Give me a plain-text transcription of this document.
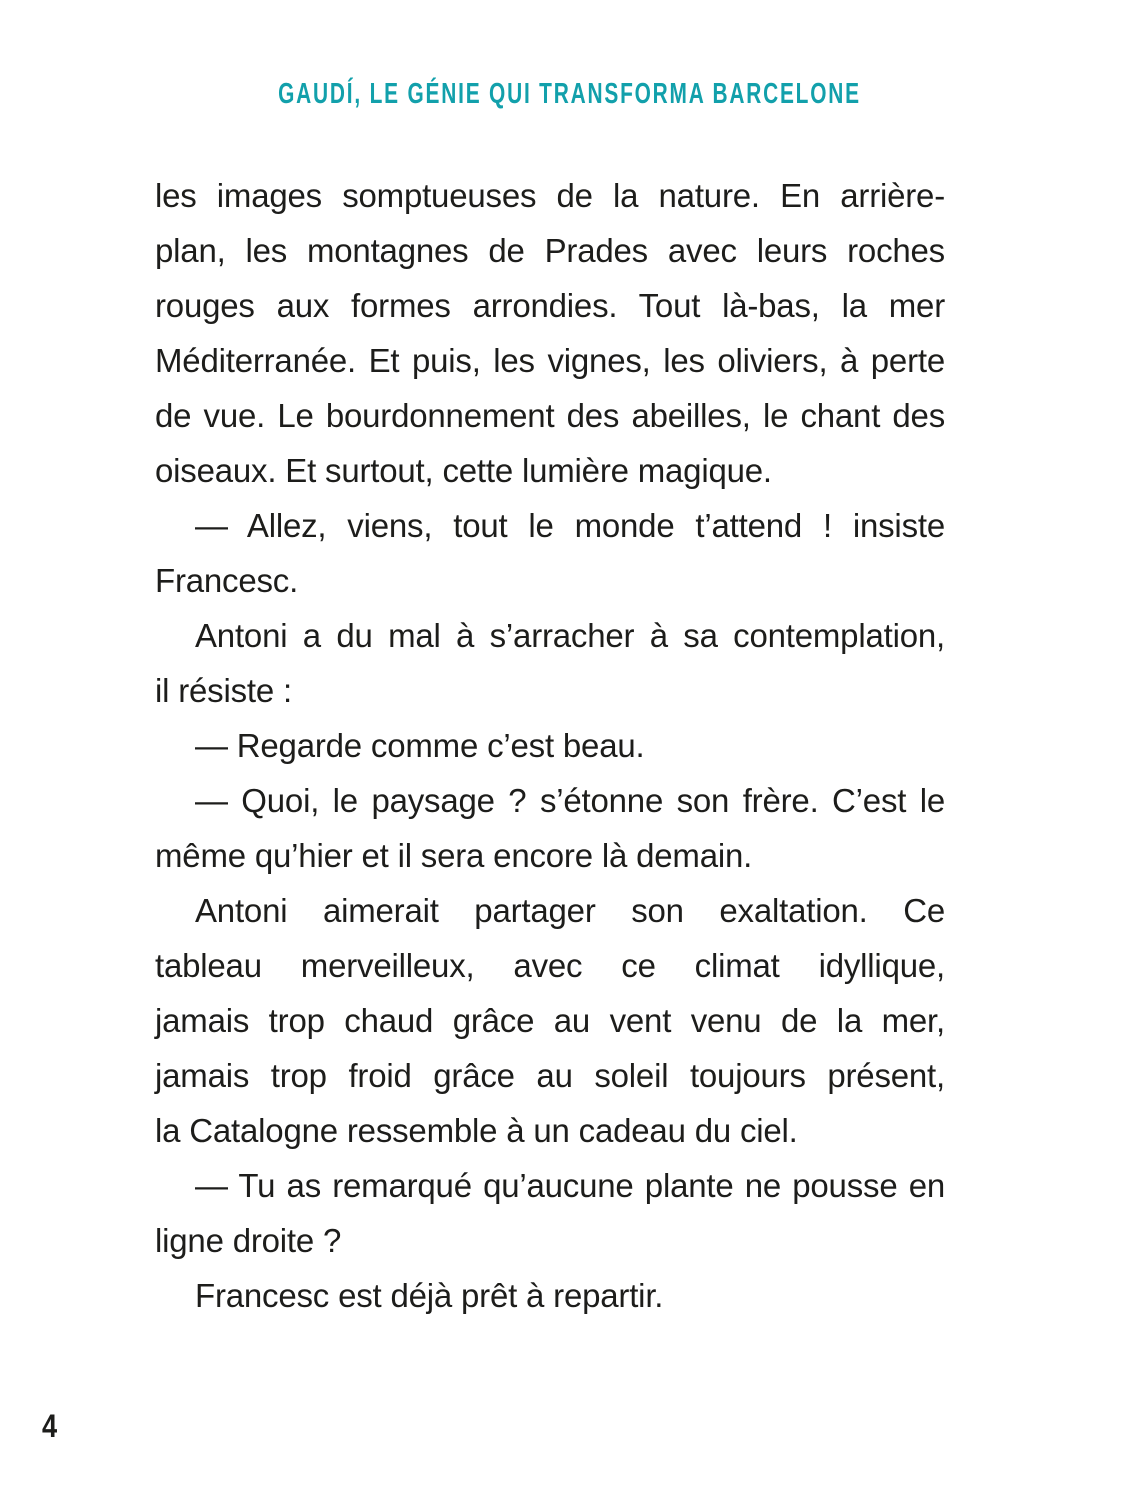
GAUDÍ, LE GÉNIE QUI TRANSFORMA BARCELONE
les images somptueuses de la nature. En arrière-
plan, les montagnes de Prades avec leurs roches
rouges aux formes arrondies. Tout là-bas, la mer
Méditerranée. Et puis, les vignes, les oliviers, à perte
de vue. Le bourdonnement des abeilles, le chant des
oiseaux. Et surtout, cette lumière magique.
— Allez, viens, tout le monde t’attend ! insiste
Francesc.
Antoni a du mal à s’arracher à sa contemplation,
il résiste :
— Regarde comme c’est beau.
— Quoi, le paysage ? s’étonne son frère. C’est le
même qu’hier et il sera encore là demain.
Antoni aimerait partager son exaltation. Ce
tableau merveilleux, avec ce climat idyllique,
jamais trop chaud grâce au vent venu de la mer,
jamais trop froid grâce au soleil toujours présent,
la Catalogne ressemble à un cadeau du ciel.
— Tu as remarqué qu’aucune plante ne pousse en
ligne droite ?
Francesc est déjà prêt à repartir.
4
